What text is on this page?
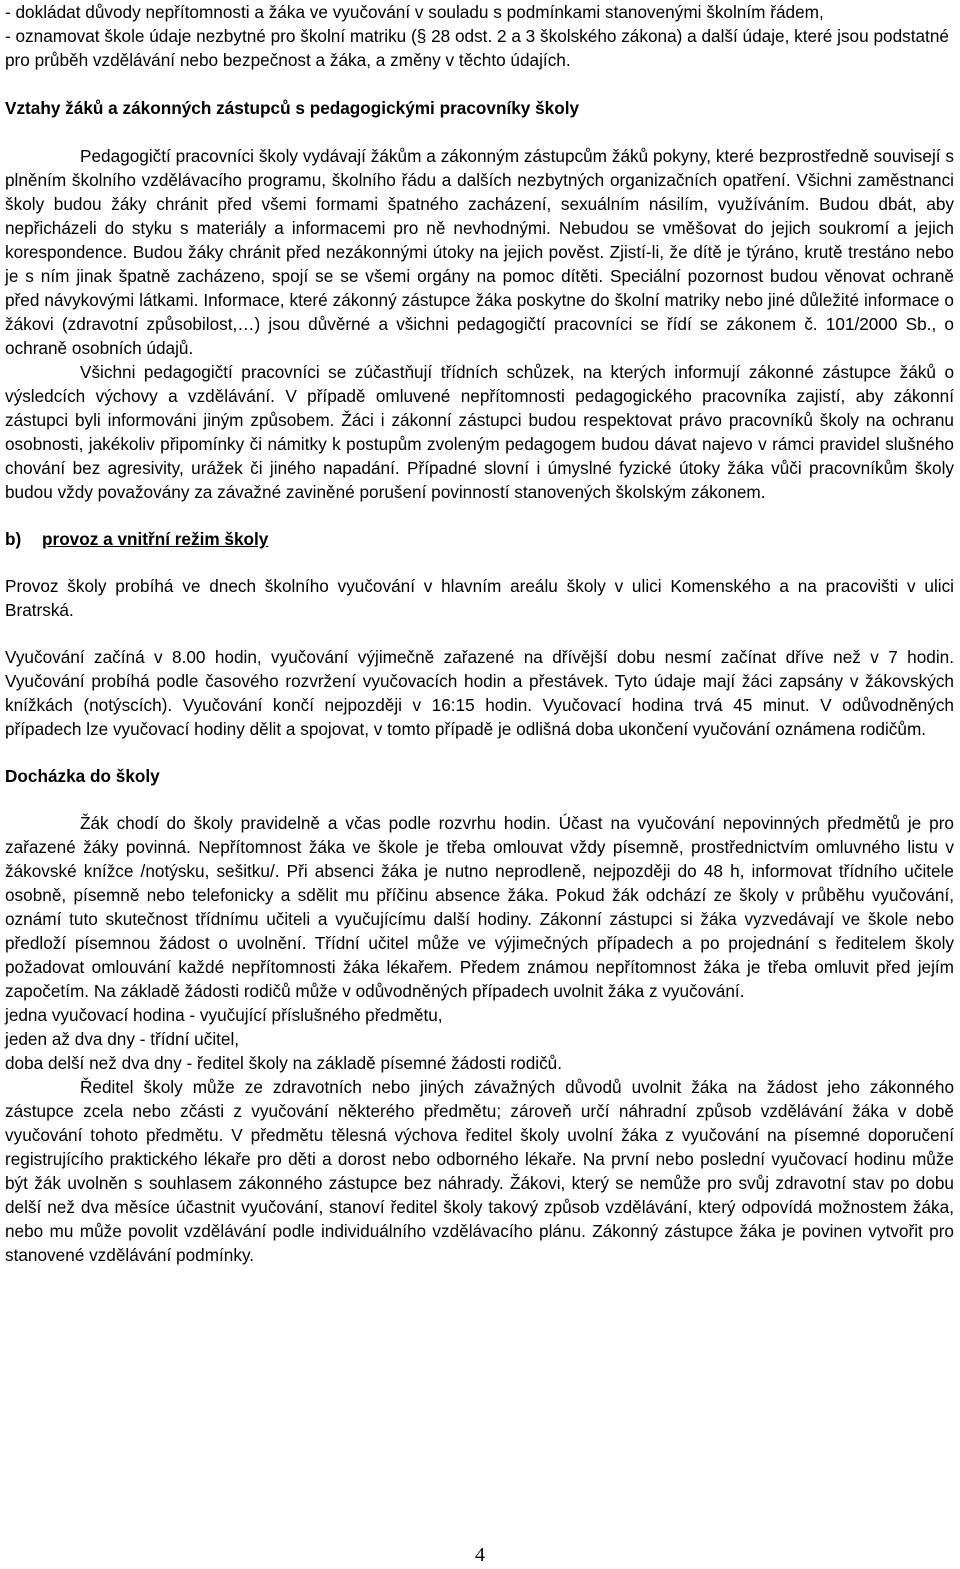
- dokládat důvody nepřítomnosti a žáka ve vyučování v souladu s podmínkami stanovenými školním řádem,

- oznamovat škole údaje nezbytné pro školní matriku (§ 28 odst. 2 a 3 školského zákona) a další údaje, které jsou podstatné pro průběh vzdělávání nebo bezpečnost a žáka, a změny v těchto údajích.

Vztahy žáků a zákonných zástupců s pedagogickými pracovníky školy

Pedagogičtí pracovníci školy vydávají žákům a zákonným zástupcům žáků pokyny, které bezprostředně souvisejí s plněním školního vzdělávacího programu, školního řádu a dalších nezbytných organizačních opatření. Všichni zaměstnanci školy budou žáky chránit před všemi formami špatného zacházení, sexuálním násilím, využíváním. Budou dbát, aby nepřicházeli do styku s materiály a informacemi pro ně nevhodnými. Nebudou se vměšovat do jejich soukromí a jejich korespondence. Budou žáky chránit před nezákonnými útoky na jejich pověst. Zjistí-li, že dítě je týráno, krutě trestáno nebo je s ním jinak špatně zacházeno, spojí se se všemi orgány na pomoc dítěti. Speciální pozornost budou věnovat ochraně před návykovými látkami. Informace, které zákonný zástupce žáka poskytne do školní matriky nebo jiné důležité informace o žákovi (zdravotní způsobilost,…) jsou důvěrné a všichni pedagogičtí pracovníci se řídí se zákonem č. 101/2000 Sb., o ochraně osobních údajů.

Všichni pedagogičtí pracovníci se zúčastňují třídních schůzek, na kterých informují zákonné zástupce žáků o výsledcích výchovy a vzdělávání. V případě omluvené nepřítomnosti pedagogického pracovníka zajistí, aby zákonní zástupci byli informováni jiným způsobem. Žáci i zákonní zástupci budou respektovat právo pracovníků školy na ochranu osobnosti, jakékoliv připomínky či námitky k postupům zvoleným pedagogem budou dávat najevo v rámci pravidel slušného chování bez agresivity, urážek či jiného napadání. Případné slovní i úmyslné fyzické útoky žáka vůči pracovníkům školy budou vždy považovány za závažné zaviněné porušení povinností stanovených školským zákonem.

b) provoz a vnitřní režim školy

Provoz školy probíhá ve dnech školního vyučování v hlavním areálu školy v ulici Komenského a na pracovišti v ulici Bratrská.

Vyučování začíná v 8.00 hodin, vyučování výjimečně zařazené na dřívější dobu nesmí začínat dříve než v 7 hodin. Vyučování probíhá podle časového rozvržení vyučovacích hodin a přestávek. Tyto údaje mají žáci zapsány v žákovských knížkách (notýscích). Vyučování končí nejpozději v 16:15 hodin. Vyučovací hodina trvá 45 minut. V odůvodněných případech lze vyučovací hodiny dělit a spojovat, v tomto případě je odlišná doba ukončení vyučování oznámena rodičům.

Docházka do školy

Žák chodí do školy pravidelně a včas podle rozvrhu hodin. Účast na vyučování nepovinných předmětů je pro zařazené žáky povinná. Nepřítomnost žáka ve škole je třeba omlouvat vždy písemně, prostřednictvím omluvného listu v žákovské knížce /notýsku, sešitku/. Při absenci žáka je nutno neprodleně, nejpozději do 48 h, informovat třídního učitele osobně, písemně nebo telefonicky a sdělit mu příčinu absence žáka. Pokud žák odchází ze školy v průběhu vyučování, oznámí tuto skutečnost třídnímu učiteli a vyučujícímu další hodiny. Zákonní zástupci si žáka vyzvedávají ve škole nebo předloží písemnou žádost o uvolnění. Třídní učitel může ve výjimečných případech a po projednání s ředitelem školy požadovat omlouvání každé nepřítomnosti žáka lékařem. Předem známou nepřítomnost žáka je třeba omluvit před jejím započetím. Na základě žádosti rodičů může v odůvodněných případech uvolnit žáka z vyučování.

jedna vyučovací hodina - vyučující příslušného předmětu,

jeden až dva dny - třídní učitel,

doba delší než dva dny - ředitel školy na základě písemné žádosti rodičů.

Ředitel školy může ze zdravotních nebo jiných závažných důvodů uvolnit žáka na žádost jeho zákonného zástupce zcela nebo zčásti z vyučování některého předmětu; zároveň určí náhradní způsob vzdělávání žáka v době vyučování tohoto předmětu. V předmětu tělesná výchova ředitel školy uvolní žáka z vyučování na písemné doporučení registrujícího praktického lékaře pro děti a dorost nebo odborného lékaře. Na první nebo poslední vyučovací hodinu může být žák uvolněn s souhlasem zákonného zástupce bez náhrady. Žákovi, který se nemůže pro svůj zdravotní stav po dobu delší než dva měsíce účastnit vyučování, stanoví ředitel školy takový způsob vzdělávání, který odpovídá možnostem žáka, nebo mu může povolit vzdělávání podle individuálního vzdělávacího plánu. Zákonný zástupce žáka je povinen vytvořit pro stanovené vzdělávání podmínky.

4
